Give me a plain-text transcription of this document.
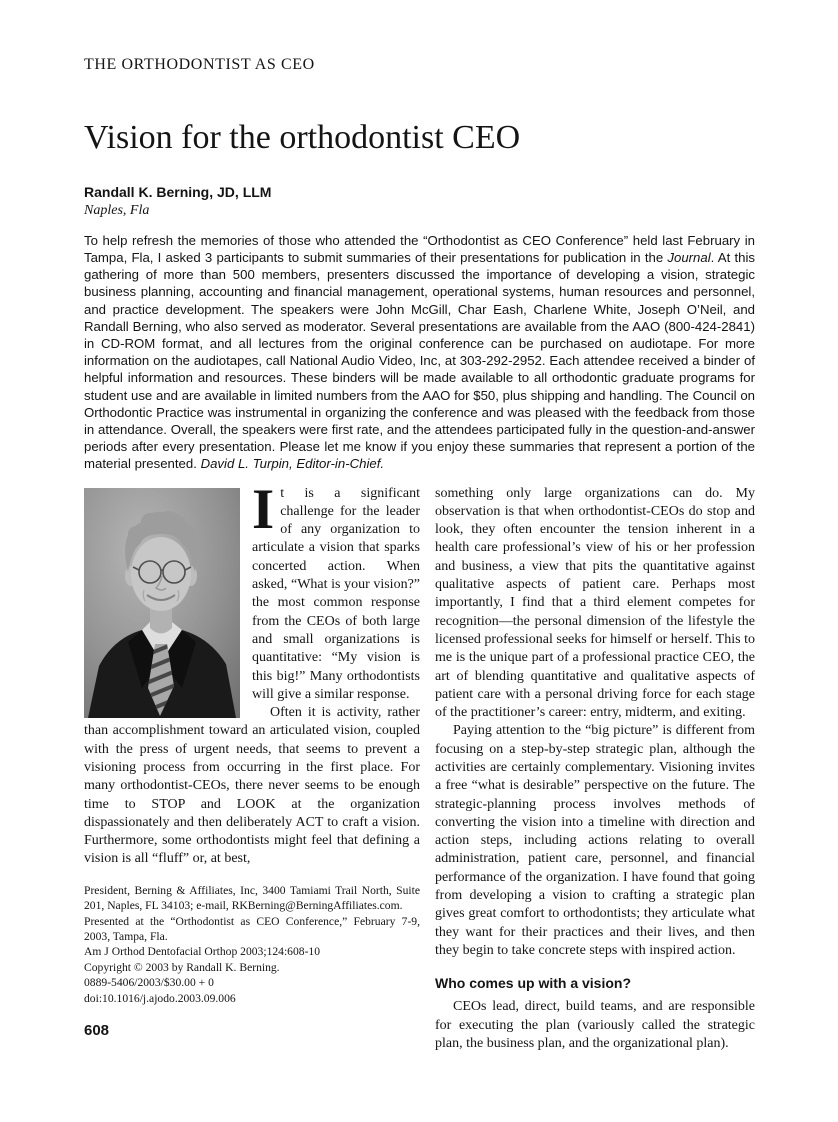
THE ORTHODONTIST AS CEO
Vision for the orthodontist CEO
Randall K. Berning, JD, LLM
Naples, Fla

To help refresh the memories of those who attended the “Orthodontist as CEO Conference” held last February in Tampa, Fla, I asked 3 participants to submit summaries of their presentations for publication in the Journal. At this gathering of more than 500 members, presenters discussed the importance of developing a vision, strategic business planning, accounting and financial management, operational systems, human resources and personnel, and practice development. The speakers were John McGill, Char Eash, Charlene White, Joseph O’Neil, and Randall Berning, who also served as moderator. Several presentations are available from the AAO (800-424-2841) in CD-ROM format, and all lectures from the original conference can be purchased on audiotape. For more information on the audiotapes, call National Audio Video, Inc, at 303-292-2952. Each attendee received a binder of helpful information and resources. These binders will be made available to all orthodontic graduate programs for student use and are available in limited numbers from the AAO for $50, plus shipping and handling. The Council on Orthodontic Practice was instrumental in organizing the conference and was pleased with the feedback from those in attendance. Overall, the speakers were first rate, and the attendees participated fully in the question-and-answer periods after every presentation. Please let me know if you enjoy these summaries that represent a portion of the material presented. David L. Turpin, Editor-in-Chief.

It is a significant challenge for the leader of any organization to articulate a vision that sparks concerted action. When asked, “What is your vision?” the most common response from the CEOs of both large and small organizations is quantitative: “My vision is this big!” Many orthodontists will give a similar response.

Often it is activity, rather than accomplishment toward an articulated vision, coupled with the press of urgent needs, that seems to prevent a visioning process from occurring in the first place. For many orthodontist-CEOs, there never seems to be enough time to STOP and LOOK at the organization dispassionately and then deliberately ACT to craft a vision. Furthermore, some orthodontists might feel that defining a vision is all “fluff” or, at best,

President, Berning & Affiliates, Inc, 3400 Tamiami Trail North, Suite 201, Naples, FL 34103; e-mail, RKBerning@BerningAffiliates.com.

Presented at the “Orthodontist as CEO Conference,” February 7-9, 2003, Tampa, Fla.

Am J Orthod Dentofacial Orthop 2003;124:608-10

Copyright © 2003 by Randall K. Berning.

0889-5406/2003/$30.00 + 0

doi:10.1016/j.ajodo.2003.09.006

608

something only large organizations can do. My observation is that when orthodontist-CEOs do stop and look, they often encounter the tension inherent in a health care professional’s view of his or her profession and business, a view that pits the quantitative against qualitative aspects of patient care. Perhaps most importantly, I find that a third element competes for recognition—the personal dimension of the lifestyle the licensed professional seeks for himself or herself. This to me is the unique part of a professional practice CEO, the art of blending quantitative and qualitative aspects of patient care with a personal driving force for each stage of the practitioner’s career: entry, midterm, and exiting.

Paying attention to the “big picture” is different from focusing on a step-by-step strategic plan, although the activities are certainly complementary. Visioning invites a free “what is desirable” perspective on the future. The strategic-planning process involves methods of converting the vision into a timeline with direction and action steps, including actions relating to overall administration, patient care, personnel, and financial performance of the organization. I have found that going from developing a vision to crafting a strategic plan gives great comfort to orthodontists; they articulate what they want for their practices and their lives, and then they begin to take concrete steps with inspired action.

Who comes up with a vision?

CEOs lead, direct, build teams, and are responsible for executing the plan (variously called the strategic plan, the business plan, and the organizational plan).
